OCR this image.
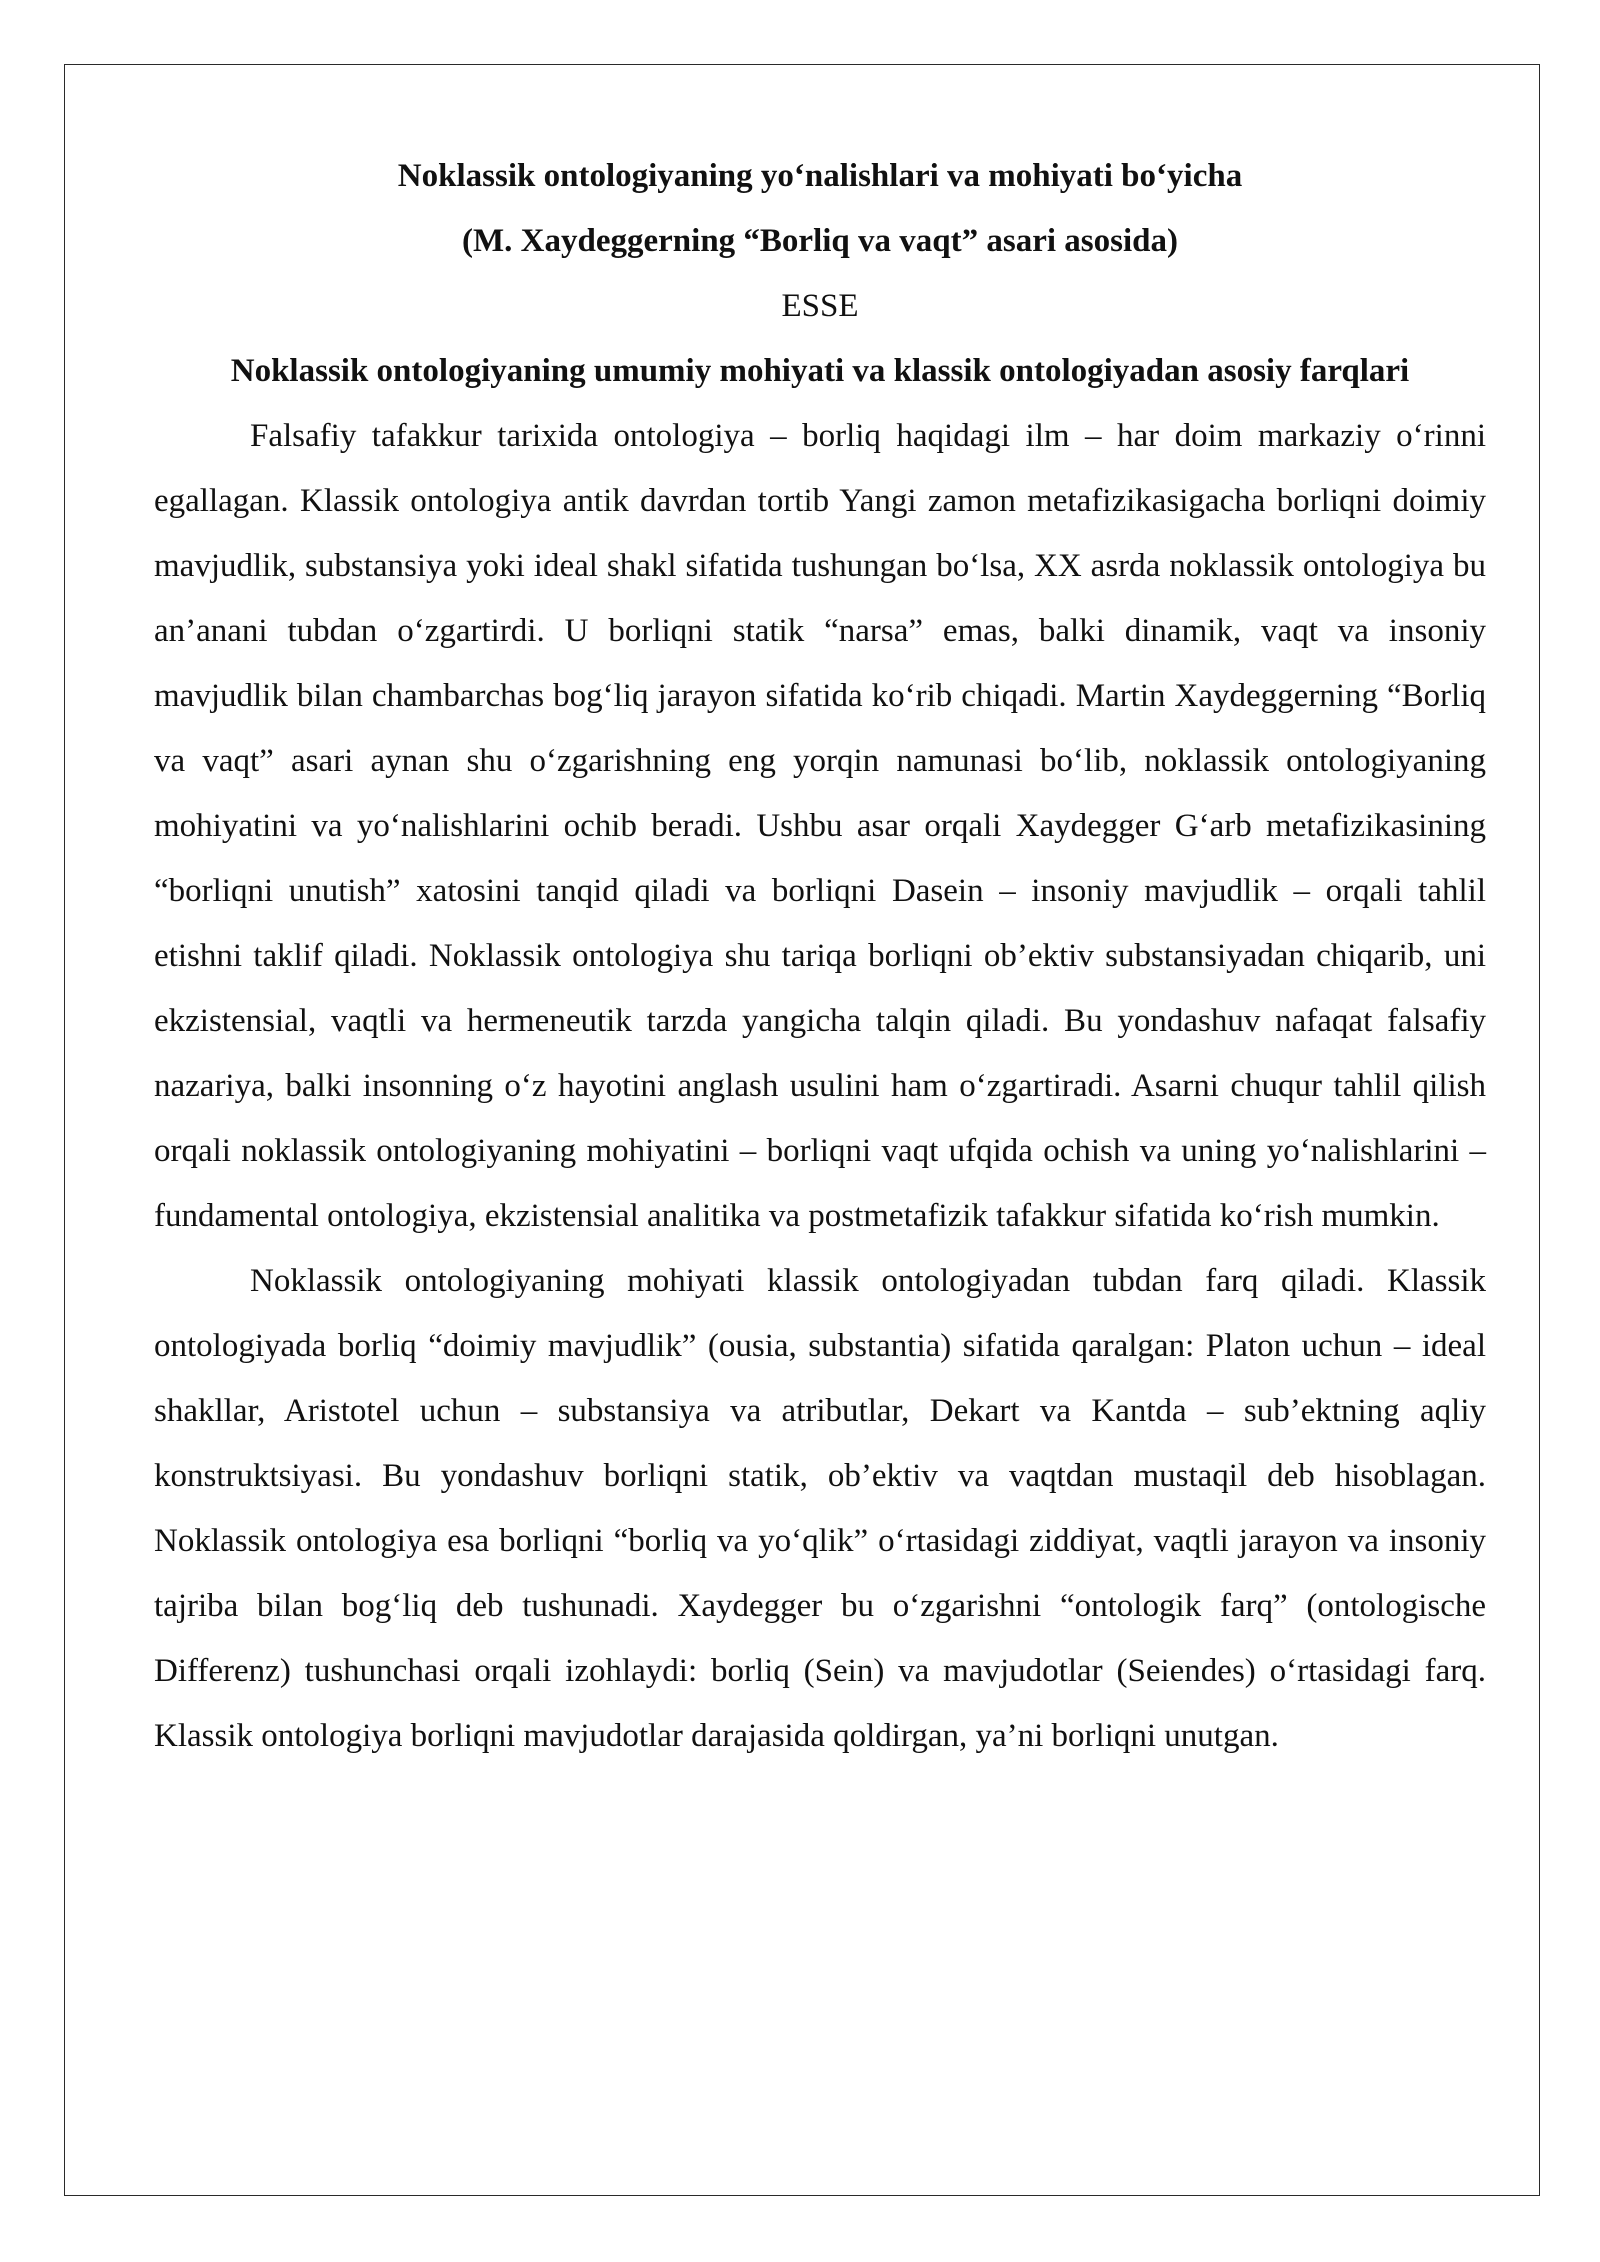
Noklassik ontologiyaning yoʻnalishlari va mohiyati boʻyicha

(M. Xaydeggerning “Borliq va vaqt” asari asosida)

ESSE

Noklassik ontologiyaning umumiy mohiyati va klassik ontologiyadan asosiy farqlari

Falsafiy tafakkur tarixida ontologiya – borliq haqidagi ilm – har doim markaziy oʻrinni egallagan. Klassik ontologiya antik davrdan tortib Yangi zamon metafizikasigacha borliqni doimiy mavjudlik, substansiya yoki ideal shakl sifatida tushungan boʻlsa, XX asrda noklassik ontologiya bu an’anani tubdan oʻzgartirdi. U borliqni statik “narsa” emas, balki dinamik, vaqt va insoniy mavjudlik bilan chambarchas bogʻliq jarayon sifatida koʻrib chiqadi. Martin Xaydeggerning “Borliq va vaqt” asari aynan shu oʻzgarishning eng yorqin namunasi boʻlib, noklassik ontologiyaning mohiyatini va yoʻnalishlarini ochib beradi. Ushbu asar orqali Xaydegger Gʻarb metafizikasining “borliqni unutish” xatosini tanqid qiladi va borliqni Dasein – insoniy mavjudlik – orqali tahlil etishni taklif qiladi. Noklassik ontologiya shu tariqa borliqni ob’ektiv substansiyadan chiqarib, uni ekzistensial, vaqtli va hermeneutik tarzda yangicha talqin qiladi. Bu yondashuv nafaqat falsafiy nazariya, balki insonning oʻz hayotini anglash usulini ham oʻzgartiradi. Asarni chuqur tahlil qilish orqali noklassik ontologiyaning mohiyatini – borliqni vaqt ufqida ochish va uning yoʻnalishlarini – fundamental ontologiya, ekzistensial analitika va postmetafizik tafakkur sifatida koʻrish mumkin.

Noklassik ontologiyaning mohiyati klassik ontologiyadan tubdan farq qiladi. Klassik ontologiyada borliq “doimiy mavjudlik” (ousia, substantia) sifatida qaralgan: Platon uchun – ideal shakllar, Aristotel uchun – substansiya va atributlar, Dekart va Kantda – sub’ektning aqliy konstruktsiyasi. Bu yondashuv borliqni statik, ob’ektiv va vaqtdan mustaqil deb hisoblagan. Noklassik ontologiya esa borliqni “borliq va yoʻqlik” oʻrtasidagi ziddiyat, vaqtli jarayon va insoniy tajriba bilan bogʻliq deb tushunadi. Xaydegger bu oʻzgarishni “ontologik farq” (ontologische Differenz) tushunchasi orqali izohlaydi: borliq (Sein) va mavjudotlar (Seiendes) oʻrtasidagi farq. Klassik ontologiya borliqni mavjudotlar darajasida qoldirgan, ya’ni borliqni unutgan.
